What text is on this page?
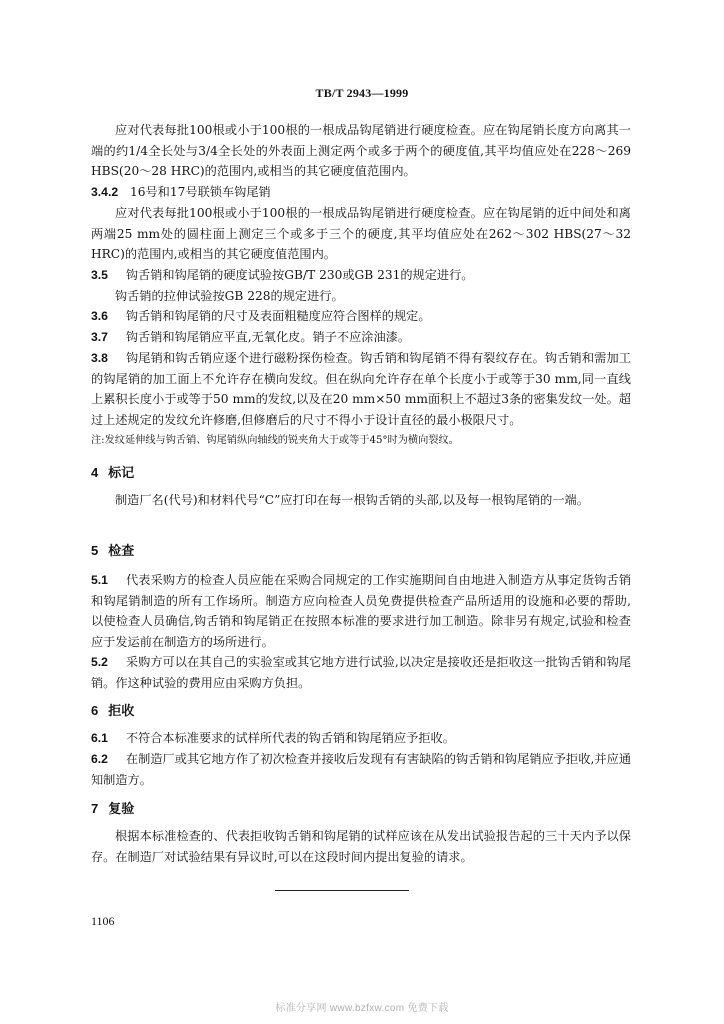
TB/T 2943—1999

应对代表每批100根或小于100根的一根成品钩尾销进行硬度检查。应在钩尾销长度方向离其一端的约1/4全长处与3/4全长处的外表面上测定两个或多于两个的硬度值,其平均值应处在228～269 HBS(20～28 HRC)的范围内,或相当的其它硬度值范围内。

3.4.2 16号和17号联锁车钩尾销

应对代表每批100根或小于100根的一根成品钩尾销进行硬度检查。应在钩尾销的近中间处和离两端25 mm处的圆柱面上测定三个或多于三个的硬度,其平均值应处在262～302 HBS(27～32 HRC)的范围内,或相当的其它硬度值范围内。

3.5 钩舌销和钩尾销的硬度试验按GB/T 230或GB 231的规定进行。

钩舌销的拉伸试验按GB 228的规定进行。

3.6 钩舌销和钩尾销的尺寸及表面粗糙度应符合图样的规定。

3.7 钩舌销和钩尾销应平直,无氧化皮。销子不应涂油漆。

3.8 钩尾销和钩舌销应逐个进行磁粉探伤检查。钩舌销和钩尾销不得有裂纹存在。钩舌销和需加工的钩尾销的加工面上不允许存在横向发纹。但在纵向允许存在单个长度小于或等于30 mm,同一直线上累积长度小于或等于50 mm的发纹,以及在20 mm×50 mm面积上不超过3条的密集发纹一处。超过上述规定的发纹允许修磨,但修磨后的尺寸不得小于设计直径的最小极限尺寸。

注:发纹延伸线与钩舌销、钩尾销纵向轴线的锐夹角大于或等于45°时为横向裂纹。

4 标记

制造厂名(代号)和材料代号“C”应打印在每一根钩舌销的头部,以及每一根钩尾销的一端。

5 检查

5.1 代表采购方的检查人员应能在采购合同规定的工作实施期间自由地进入制造方从事定货钩舌销和钩尾销制造的所有工作场所。制造方应向检查人员免费提供检查产品所适用的设施和必要的帮助,以使检查人员确信,钩舌销和钩尾销正在按照本标准的要求进行加工制造。除非另有规定,试验和检查应于发运前在制造方的场所进行。

5.2 采购方可以在其自己的实验室或其它地方进行试验,以决定是接收还是拒收这一批钩舌销和钩尾销。作这种试验的费用应由采购方负担。

6 拒收

6.1 不符合本标准要求的试样所代表的钩舌销和钩尾销应予拒收。

6.2 在制造厂或其它地方作了初次检查并接收后发现有有害缺陷的钩舌销和钩尾销应予拒收,并应通知制造方。

7 复验

根据本标准检查的、代表拒收钩舌销和钩尾销的试样应该在从发出试验报告起的三十天内予以保存。在制造厂对试验结果有异议时,可以在这段时间内提出复验的请求。

1106
标准分享网 www.bzfxw.com 免费下载
